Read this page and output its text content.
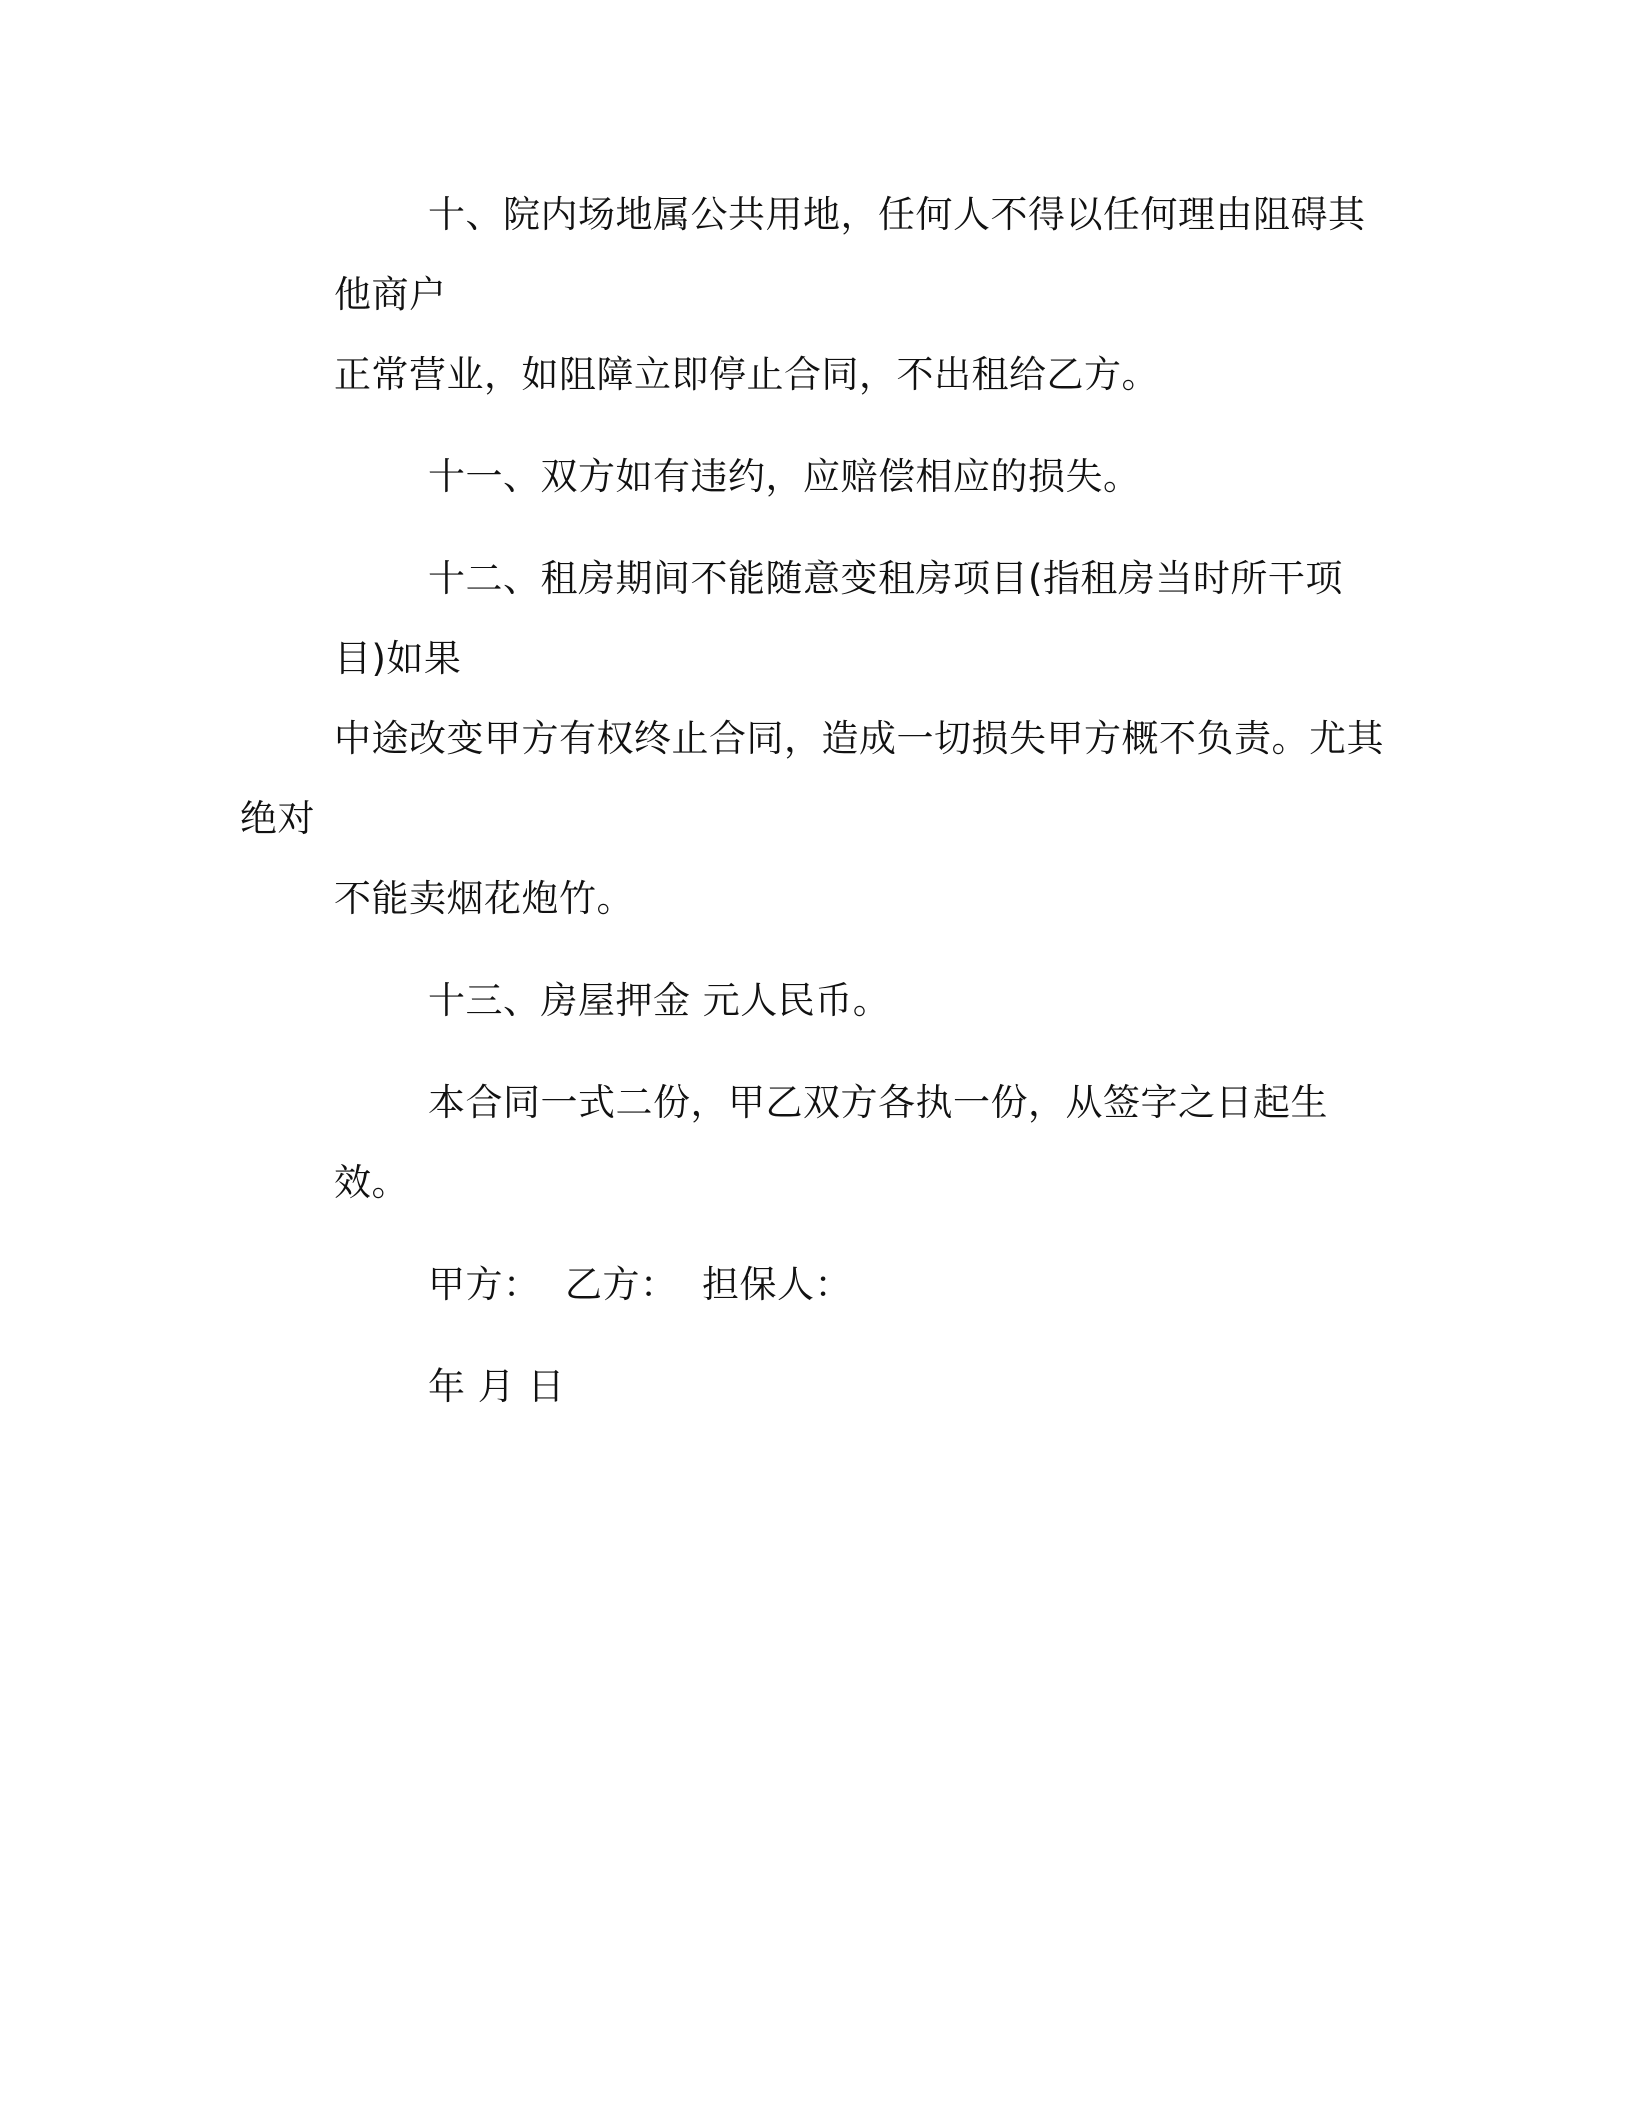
十、院内场地属公共用地，任何人不得以任何理由阻碍其他商户
正常营业，如阻障立即停止合同，不出租给乙方。
十一、双方如有违约，应赔偿相应的损失。
十二、租房期间不能随意变租房项目(指租房当时所干项目)如果
中途改变甲方有权终止合同，造成一切损失甲方概不负责。尤其绝对
不能卖烟花炮竹。
十三、房屋押金 元人民币。
本合同一式二份，甲乙双方各执一份，从签字之日起生效。
甲方：  乙方：  担保人：
年 月 日
